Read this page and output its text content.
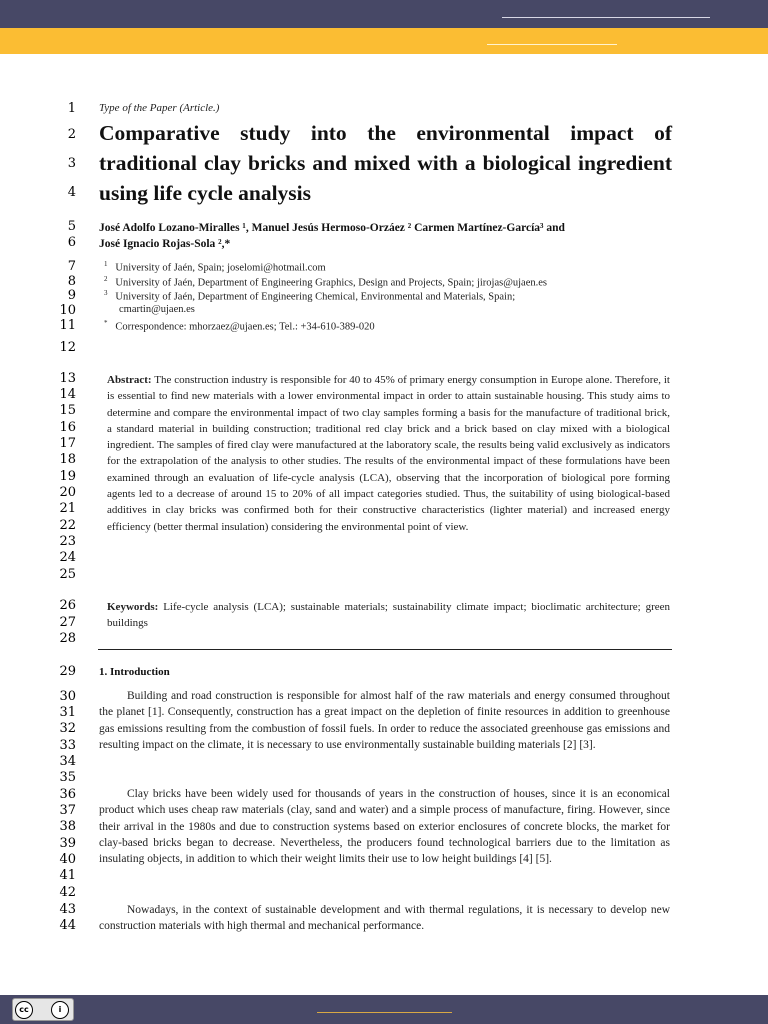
1
2
3
4
5
6
7
8
9
10
11
12
13
14
15
16
17
18
19
20
21
22
23
24
25
26
27
28
29
30
31
32
33
34
35
36
37
38
39
40
41
42
43
44
Type of the Paper (Article.)
Comparative study into the environmental impact of traditional clay bricks and mixed with a biological ingredient using life cycle analysis
José Adolfo Lozano-Miralles ¹, Manuel Jesús Hermoso-Orzáez ² Carmen Martínez-García³ and
José Ignacio Rojas-Sola ²,*
$^1$ University of Jaén, Spain; joselomi@hotmail.com
$^2$ University of Jaén, Department of Engineering Graphics, Design and Projects, Spain; jirojas@ujaen.es
$^3$ University of Jaén, Department of Engineering Chemical, Environmental and Materials, Spain;
cmartin@ujaen.es
* Correspondence: mhorzaez@ujaen.es; Tel.: +34-610-389-020
Abstract: The construction industry is responsible for 40 to 45% of primary energy consumption in Europe alone. Therefore, it is essential to find new materials with a lower environmental impact in order to attain sustainable housing. This study aims to determine and compare the environmental impact of two clay samples forming a basis for the manufacture of traditional brick, a standard material in building construction; traditional red clay brick and a brick based on clay mixed with a biological ingredient. The samples of fired clay were manufactured at the laboratory scale, the results being valid exclusively as indicators for the extrapolation of the analysis to other studies. The results of the environmental impact of these formulations have been examined through an evaluation of life-cycle analysis (LCA), observing that the incorporation of biological pore forming agents led to a decrease of around 15 to 20% of all impact categories studied. Thus, the suitability of using biological-based additives in clay bricks was confirmed both for their constructive characteristics (lighter material) and increased energy efficiency (better thermal insulation) considering the environmental point of view.
Keywords: Life-cycle analysis (LCA); sustainable materials; sustainability climate impact; bioclimatic architecture; green buildings
1. Introduction
Building and road construction is responsible for almost half of the raw materials and energy consumed throughout the planet [1]. Consequently, construction has a great impact on the depletion of finite resources in addition to greenhouse gas emissions resulting from the combustion of fossil fuels. In order to reduce the associated greenhouse gas emissions and resulting impact on the climate, it is necessary to use environmentally sustainable building materials [2] [3].
Clay bricks have been widely used for thousands of years in the construction of houses, since it is an economical product which uses cheap raw materials (clay, sand and water) and a simple process of manufacture, firing. However, since their arrival in the 1980s and due to construction systems based on exterior enclosures of concrete blocks, the market for clay-based bricks began to decrease. Nevertheless, the producers found technological barriers due to the limitation as insulating objects, in addition to which their weight limits their use to low height buildings [4] [5].
Nowadays, in the context of sustainable development and with thermal regulations, it is necessary to develop new construction materials with high thermal and mechanical performance.
cc	i
